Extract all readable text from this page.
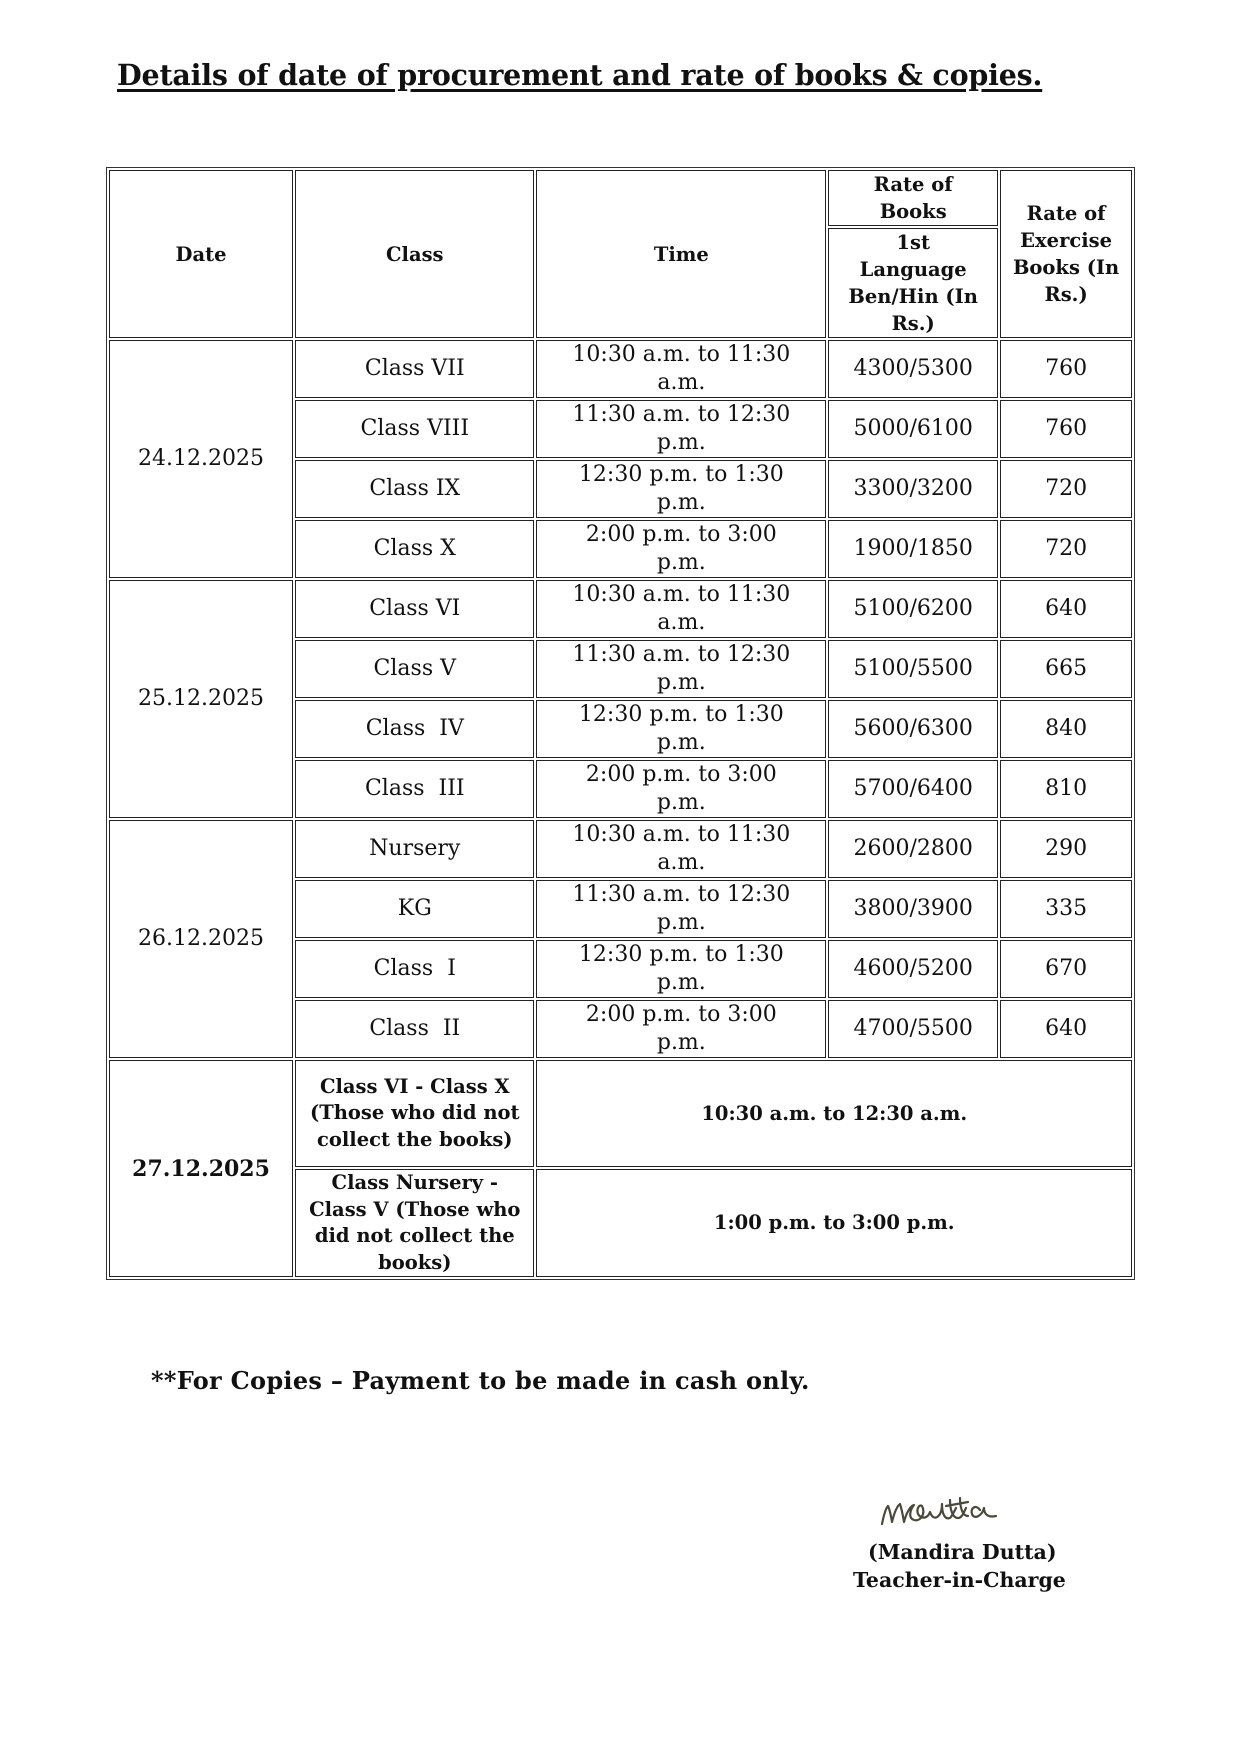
Details of date of procurement and rate of books & copies.
Date	Class	Time	Rate of Books	Rate of Exercise Books (In Rs.)
			1st Language Ben/Hin (In Rs.)	
24.12.2025	Class VII	10:30 a.m. to 11:30 a.m.	4300/5300	760
	Class VIII	11:30 a.m. to 12:30 p.m.	5000/6100	760
	Class IX	12:30 p.m. to 1:30 p.m.	3300/3200	720
	Class X	2:00 p.m. to 3:00 p.m.	1900/1850	720
25.12.2025	Class VI	10:30 a.m. to 11:30 a.m.	5100/6200	640
	Class V	11:30 a.m. to 12:30 p.m.	5100/5500	665
	Class  IV	12:30 p.m. to 1:30 p.m.	5600/6300	840
	Class  III	2:00 p.m. to 3:00 p.m.	5700/6400	810
26.12.2025	Nursery	10:30 a.m. to 11:30 a.m.	2600/2800	290
	KG	11:30 a.m. to 12:30 p.m.	3800/3900	335
	Class  I	12:30 p.m. to 1:30 p.m.	4600/5200	670
	Class  II	2:00 p.m. to 3:00 p.m.	4700/5500	640
27.12.2025	Class VI - Class X (Those who did not collect the books)	10:30 a.m. to 12:30 a.m.		
	Class Nursery - Class V (Those who did not collect the books)	1:00 p.m. to 3:00 p.m.		
**For Copies – Payment to be made in cash only.
(Mandira Dutta)
Teacher-in-Charge
